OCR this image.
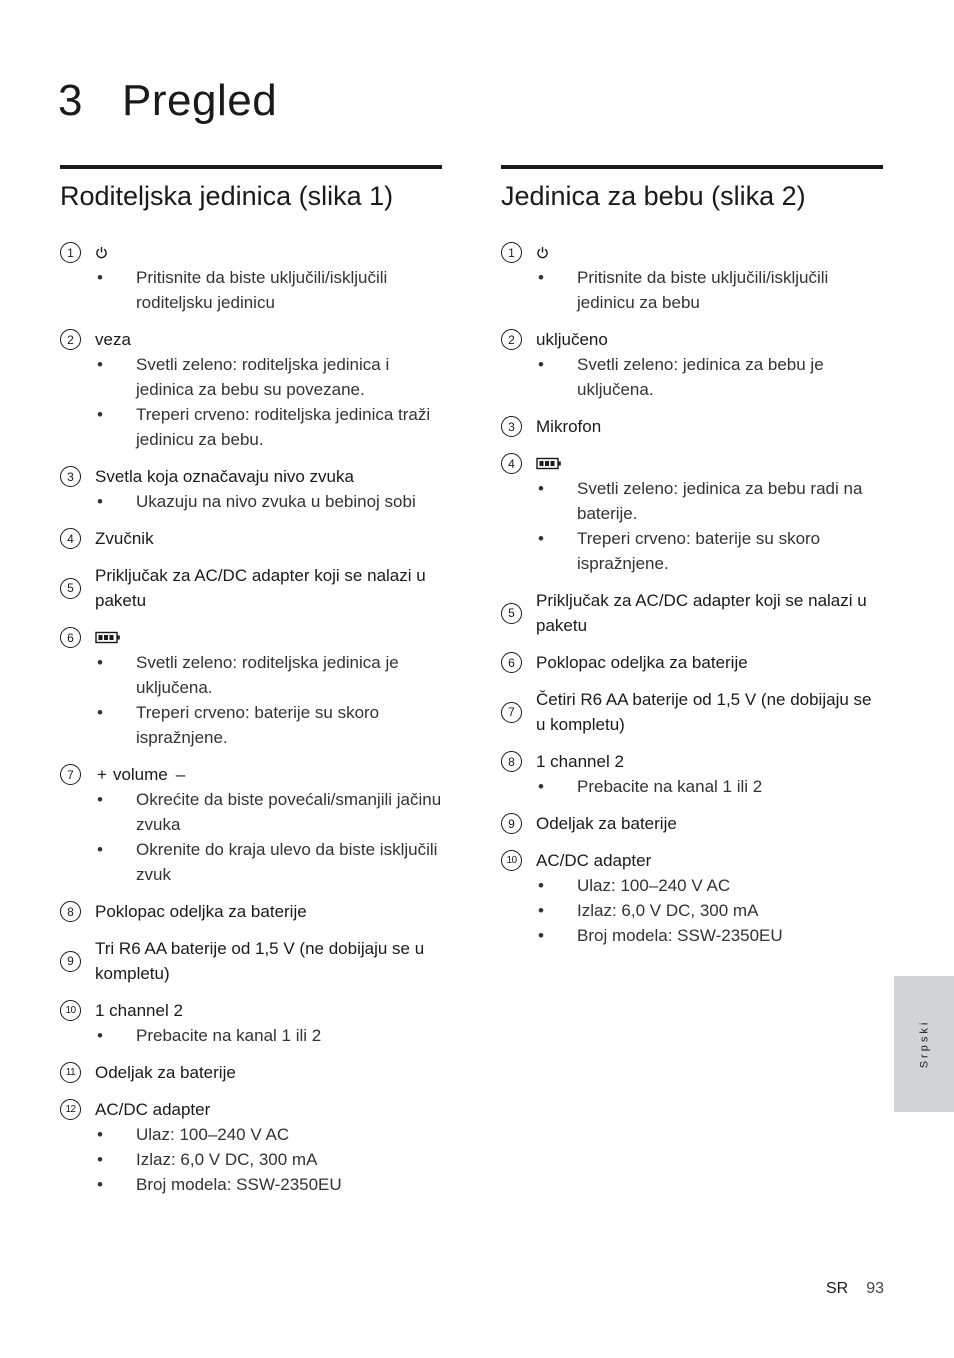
3 Pregled
Roditeljska jedinica (slika 1)
1
• Pritisnite da biste uključili/isključili roditeljsku jedinicu
2	veza
• Svetli zeleno: roditeljska jedinica i jedinica za bebu su povezane.
• Treperi crveno: roditeljska jedinica traži jedinicu za bebu.
3	Svetla koja označavaju nivo zvuka
• Ukazuju na nivo zvuka u bebinoj sobi
4	Zvučnik
5
Priključak za AC/DC adapter koji se nalazi u paketu
6
• Svetli zeleno: roditeljska jedinica je uključena.
• Treperi crveno: baterije su skoro ispražnjene.
7	+ volume –
• Okrećite da biste povećali/smanjili jačinu zvuka
• Okrenite do kraja ulevo da biste isključili zvuk
8	Poklopac odeljka za baterije
9
Tri R6 AA baterije od 1,5 V (ne dobijaju se u kompletu)
10	1 channel 2
• Prebacite na kanal 1 ili 2
11	Odeljak za baterije
12	AC/DC adapter
• Ulaz: 100–240 V AC
• Izlaz: 6,0 V DC, 300 mA
• Broj modela: SSW-2350EU
Jedinica za bebu (slika 2)
1
• Pritisnite da biste uključili/isključili jedinicu za bebu
2	uključeno
• Svetli zeleno: jedinica za bebu je uključena.
3	Mikrofon
4
• Svetli zeleno: jedinica za bebu radi na baterije.
• Treperi crveno: baterije su skoro ispražnjene.
5
Priključak za AC/DC adapter koji se nalazi u paketu
6	Poklopac odeljka za baterije
7
Četiri R6 AA baterije od 1,5 V (ne dobijaju se u kompletu)
8	1 channel 2
• Prebacite na kanal 1 ili 2
9	Odeljak za baterije
10	AC/DC adapter
• Ulaz: 100–240 V AC
• Izlaz: 6,0 V DC, 300 mA
• Broj modela: SSW-2350EU
Srpski
SR 93
